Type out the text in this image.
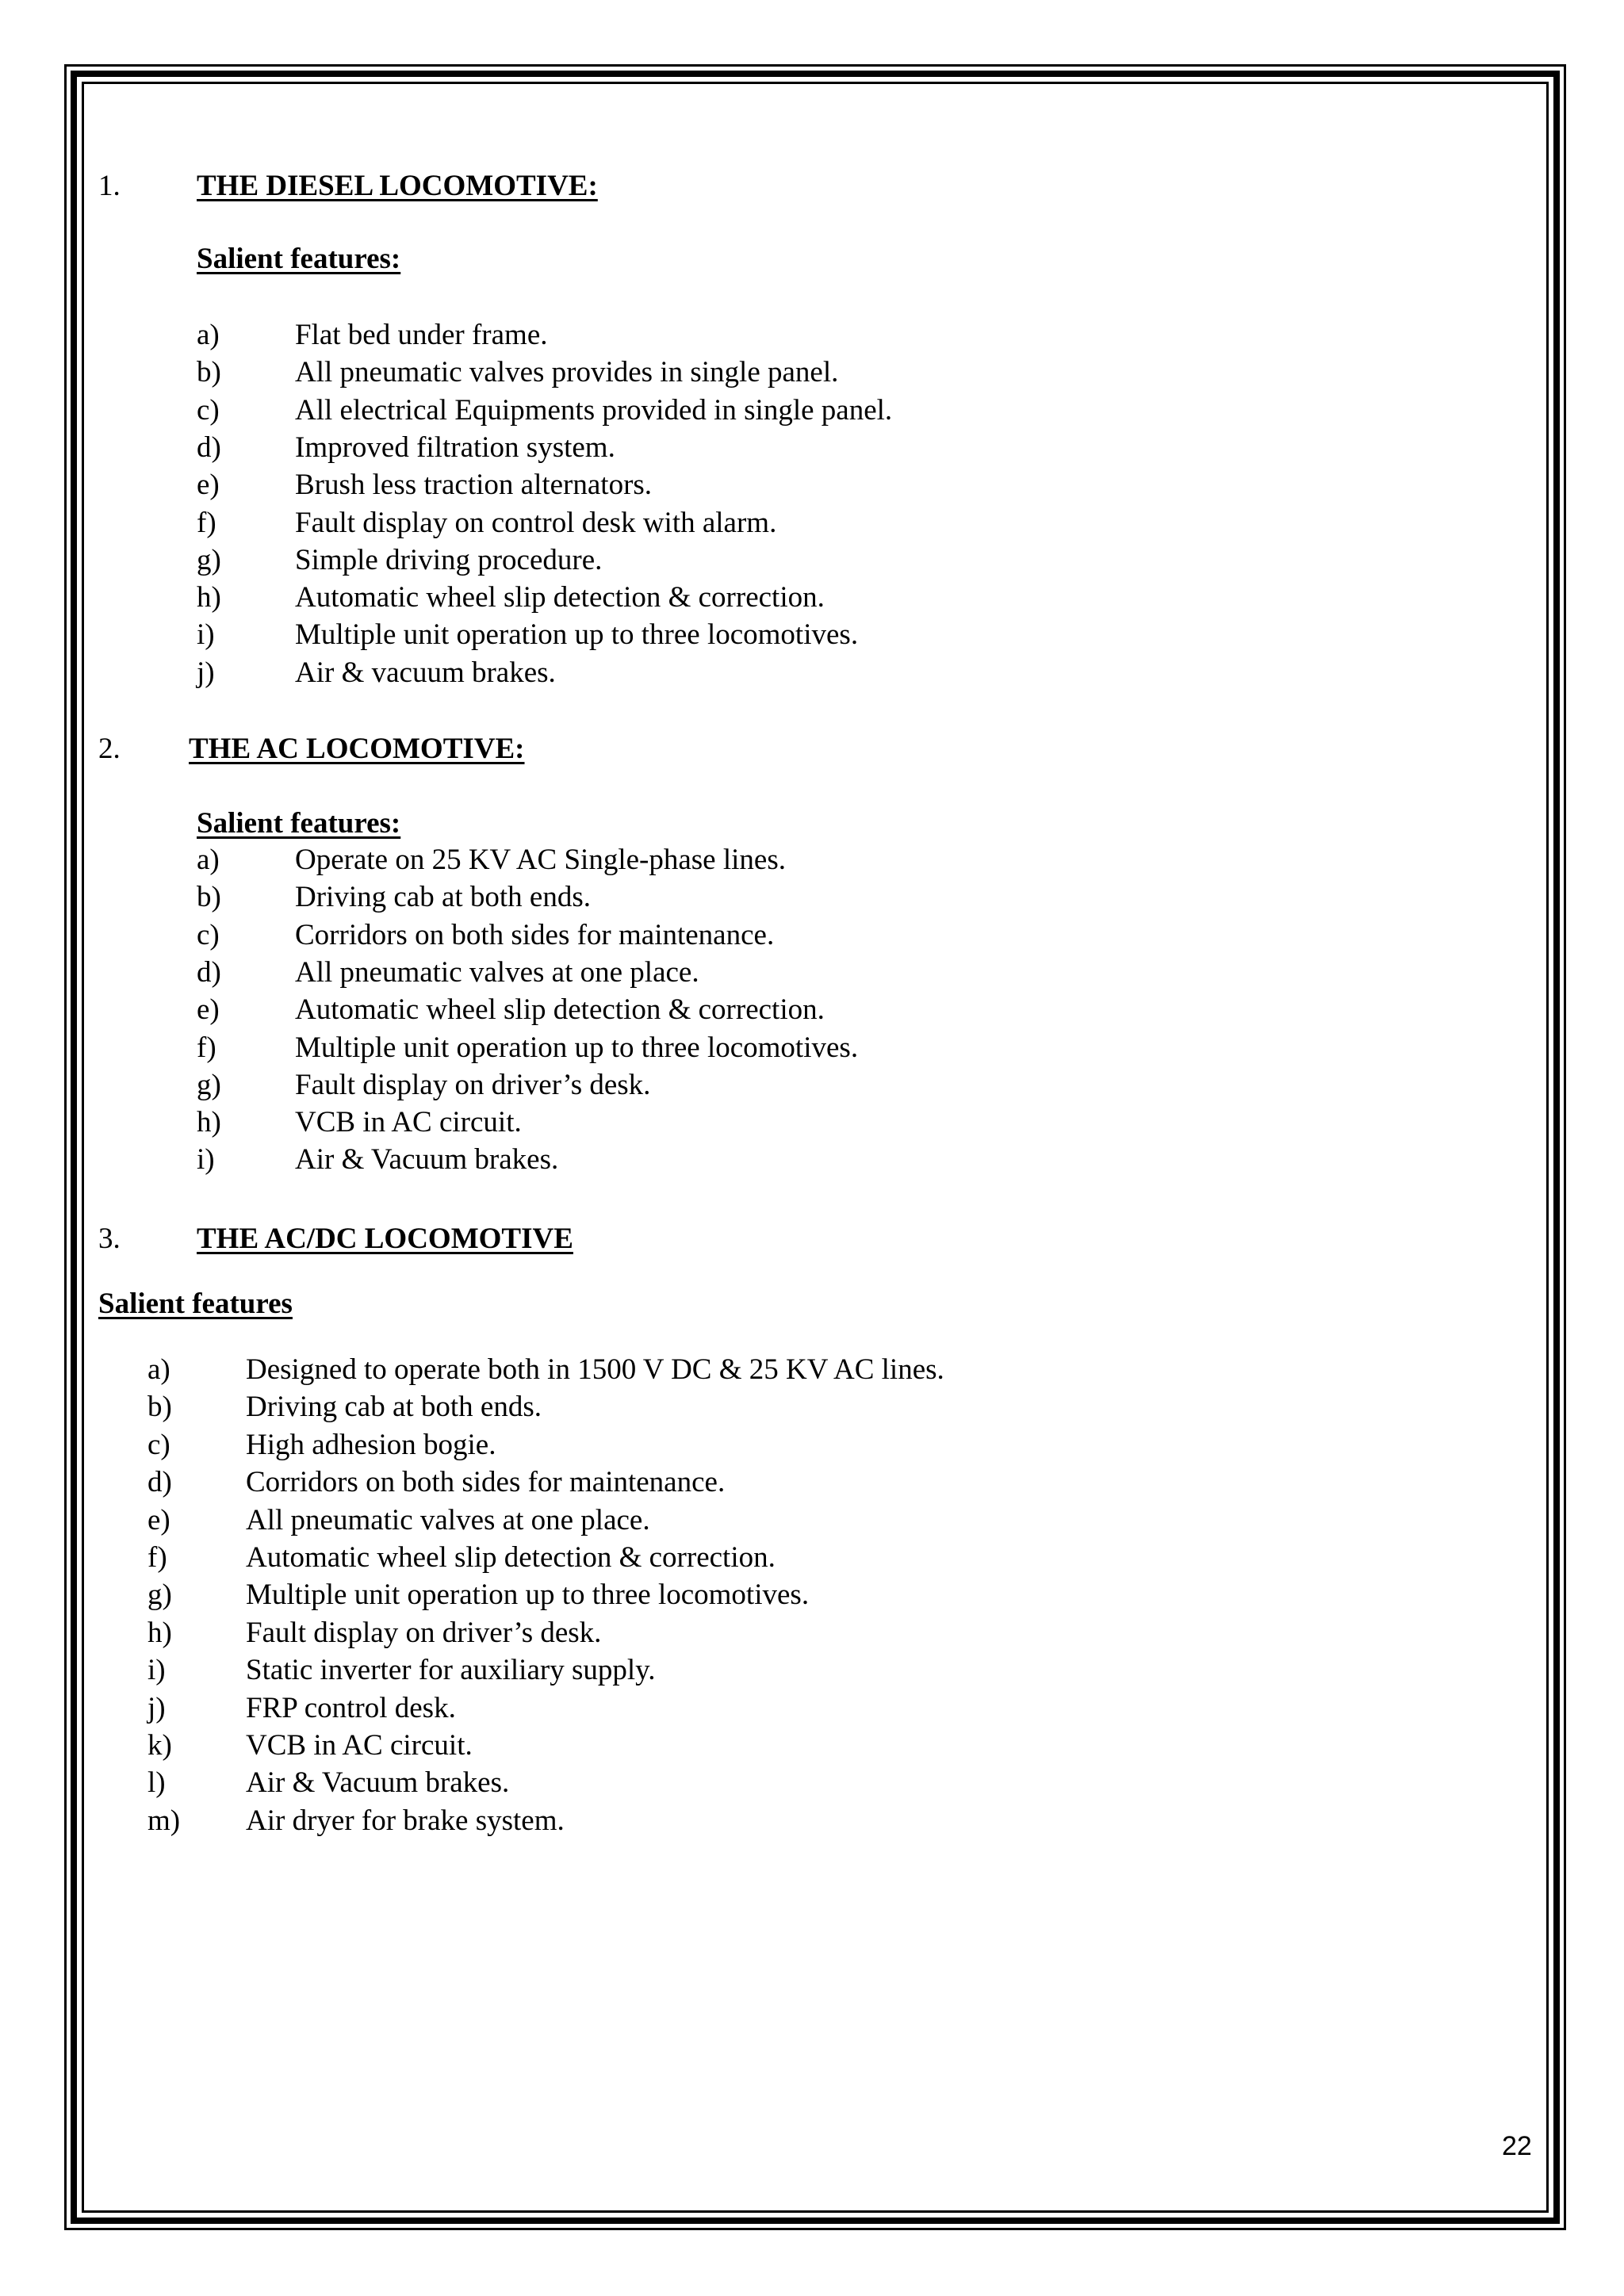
1.	THE DIESEL LOCOMOTIVE:
Salient features:
a)	Flat bed under frame.
b)	All pneumatic valves provides in single panel.
c)	All electrical Equipments provided in single panel.
d)	Improved filtration system.
e)	Brush less traction alternators.
f)	Fault display on control desk with alarm.
g)	Simple driving procedure.
h)	Automatic wheel slip detection & correction.
i)	Multiple unit operation up to three locomotives.
j)	Air & vacuum brakes.
2. THE AC LOCOMOTIVE:
Salient features:
a)	Operate on 25 KV AC Single-phase lines.
b)	Driving cab at both ends.
c)	Corridors on both sides for maintenance.
d)	All pneumatic valves at one place.
e)	Automatic wheel slip detection & correction.
f)	Multiple unit operation up to three locomotives.
g)	Fault display on driver’s desk.
h)	VCB in AC circuit.
i)	Air & Vacuum brakes.
3.	THE AC/DC LOCOMOTIVE
Salient features
a)	Designed to operate both in 1500 V DC & 25 KV AC lines.
b)	Driving cab at both ends.
c)	High adhesion bogie.
d)	Corridors on both sides for maintenance.
e)	All pneumatic valves at one place.
f)	Automatic wheel slip detection & correction.
g)	Multiple unit operation up to three locomotives.
h)	Fault display on driver’s desk.
i)	Static inverter for auxiliary supply.
j)	FRP control desk.
k)	VCB in AC circuit.
l)	Air & Vacuum brakes.
m) Air dryer for brake system.
22
